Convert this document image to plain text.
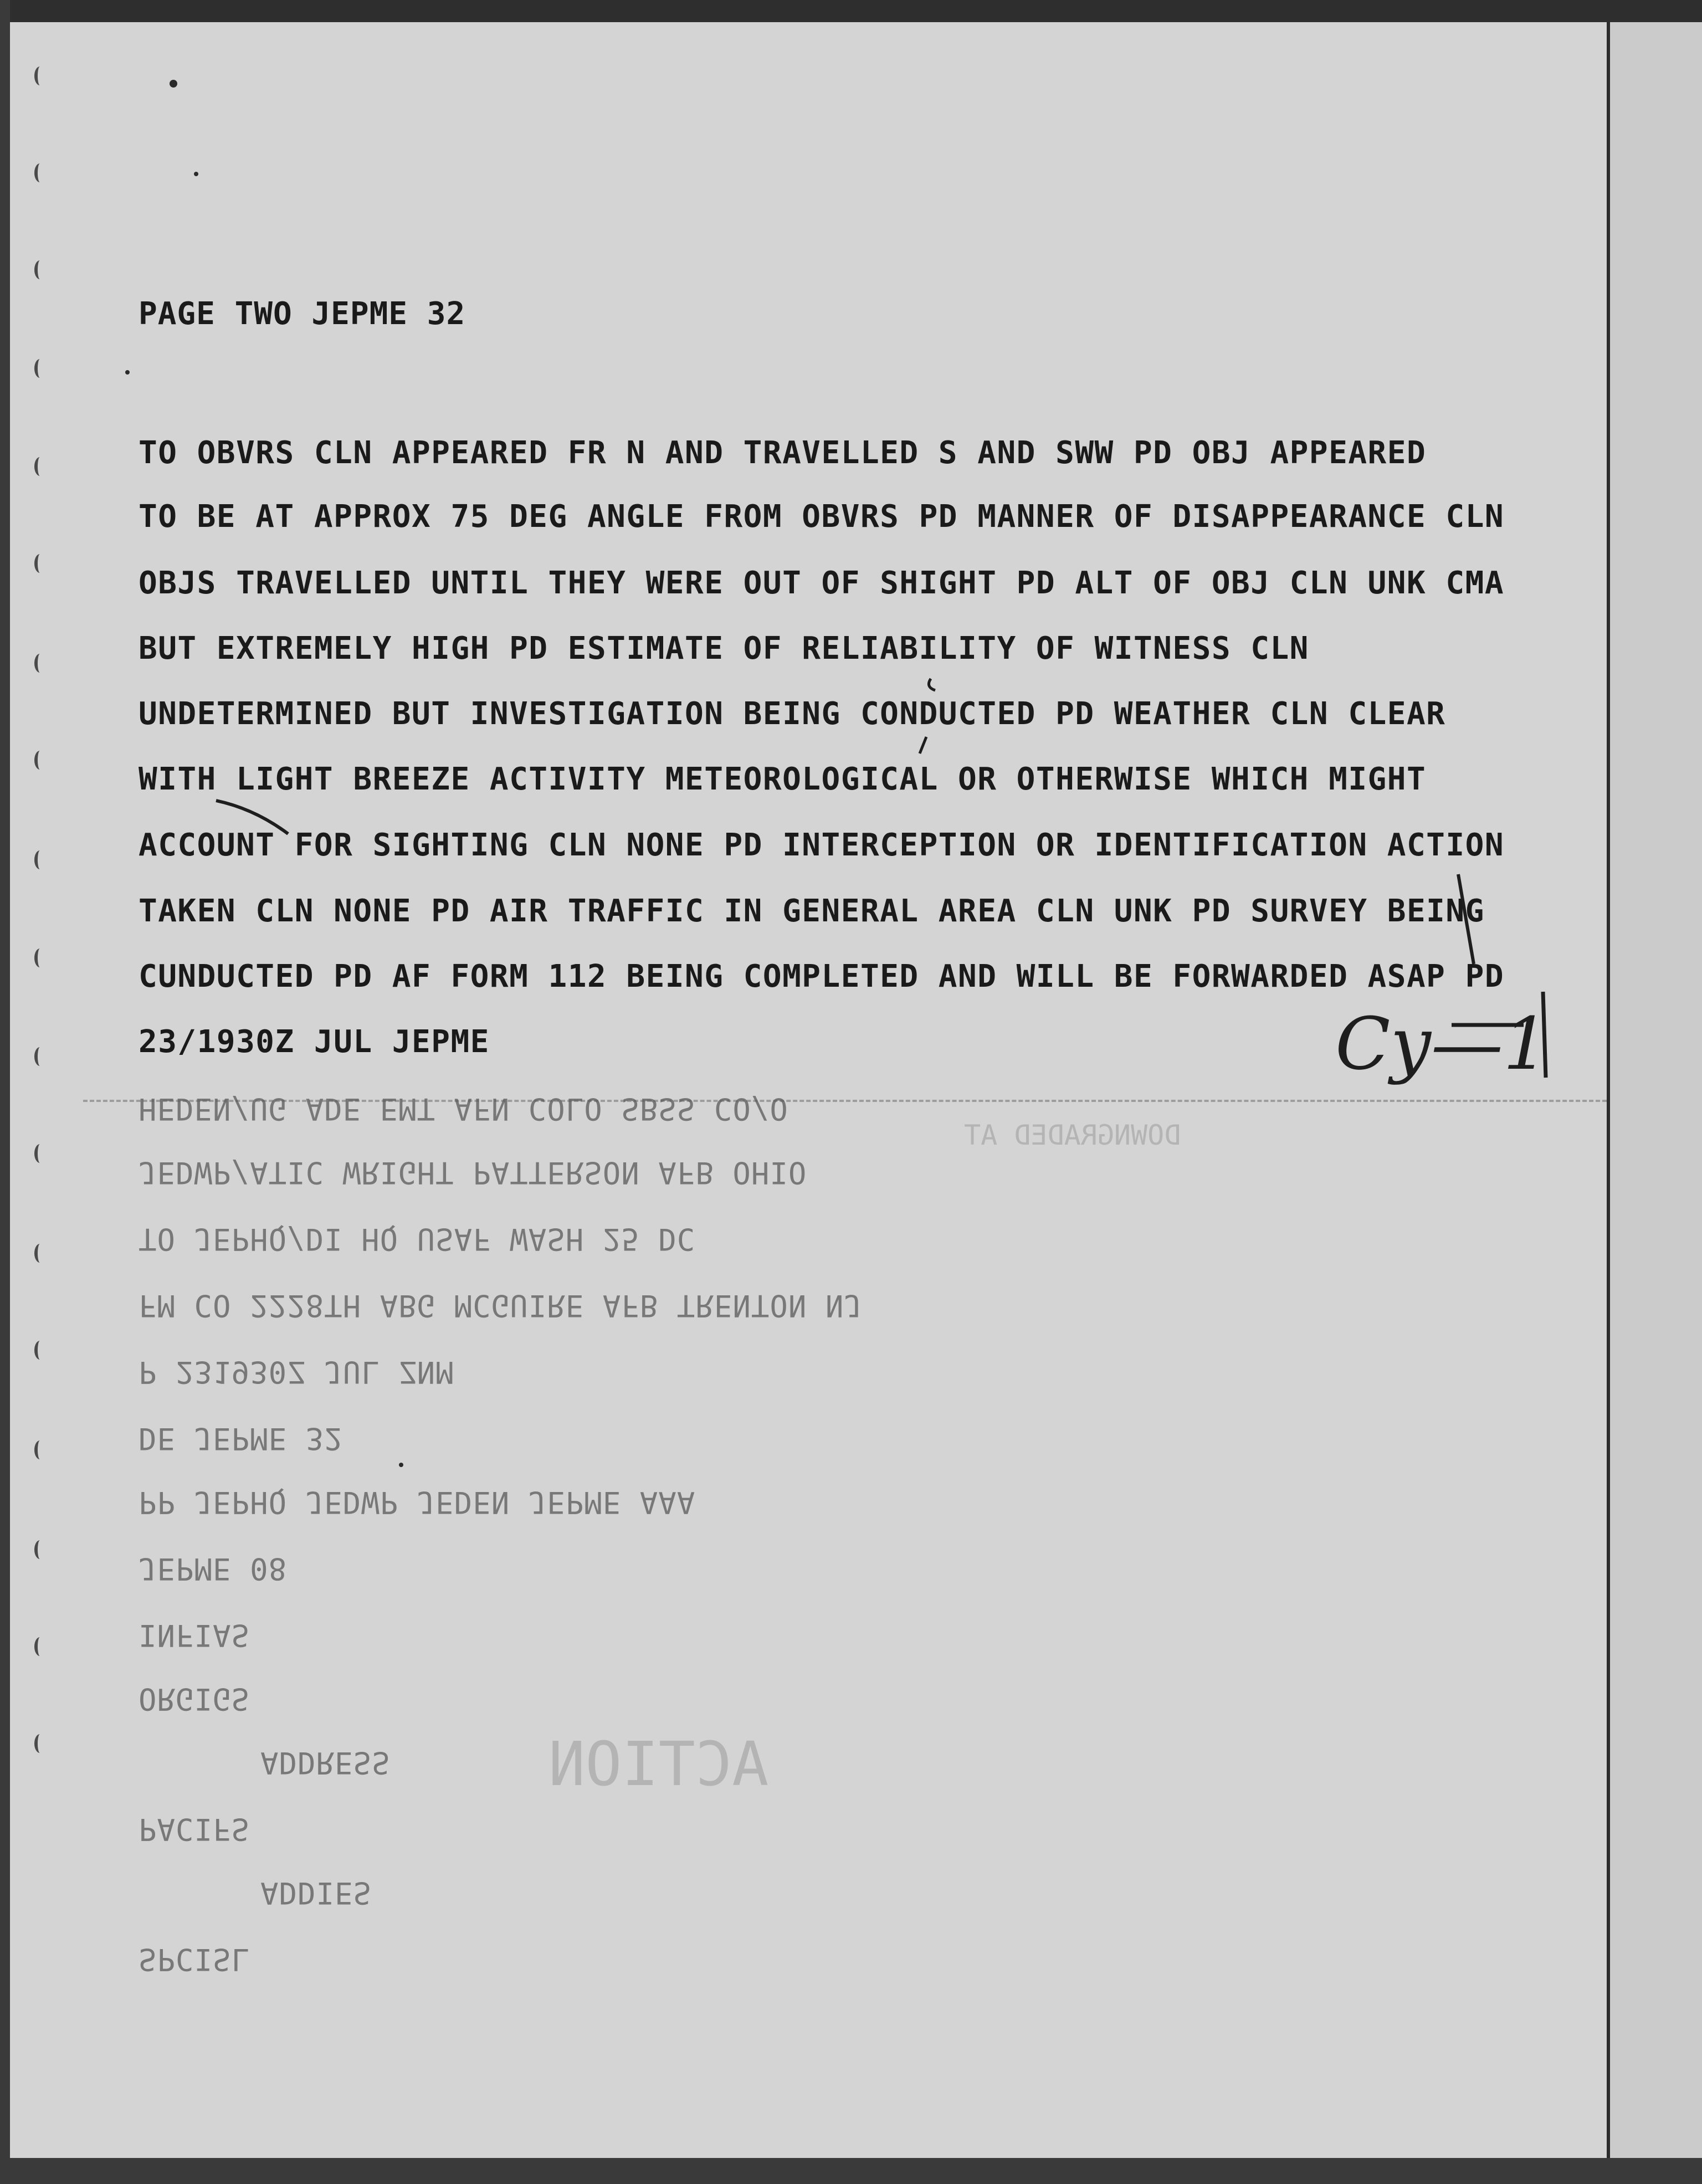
PAGE TWO JEPME 32
TO OBVRS CLN APPEARED FR N AND TRAVELLED S AND SWW PD OBJ APPEARED
TO BE AT APPROX 75 DEG ANGLE FROM OBVRS PD MANNER OF DISAPPEARANCE CLN
OBJS TRAVELLED UNTIL THEY WERE OUT OF SHIGHT PD ALT OF OBJ CLN UNK CMA
BUT EXTREMELY HIGH PD ESTIMATE OF RELIABILITY OF WITNESS CLN
UNDETERMINED BUT INVESTIGATION BEING CONDUCTED PD WEATHER CLN CLEAR
WITH LIGHT BREEZE ACTIVITY METEOROLOGICAL OR OTHERWISE WHICH MIGHT
ACCOUNT FOR SIGHTING CLN NONE PD INTERCEPTION OR IDENTIFICATION ACTION
TAKEN CLN NONE PD AIR TRAFFIC IN GENERAL AREA CLN UNK PD SURVEY BEING
CUNDUCTED PD AF FORM 112 BEING COMPLETED AND WILL BE FORWARDED ASAP PD
23/1930Z JUL JEPME	Cy—1
HEDEN/UG ADE EMT AFN COLO SBSS CO/O
JEDWP/ATIC WRIGHT PATTERSON AFB OHIO
TO JEPHQ/DI HQ USAF WASH 25 DC
FM CO 2228TH ABG MCGUIRE AFB TRENTON NJ
P 231930Z JUL ZNM
DE JEPME 32
PP JEPHQ JEDWP JEDEN JEPME AAA
JEPME 08
INFIAS
ORGIGS
ADDRESS
PACIFS
ADDIES
SPCISL
DOWNGRADED AT
ACTION
